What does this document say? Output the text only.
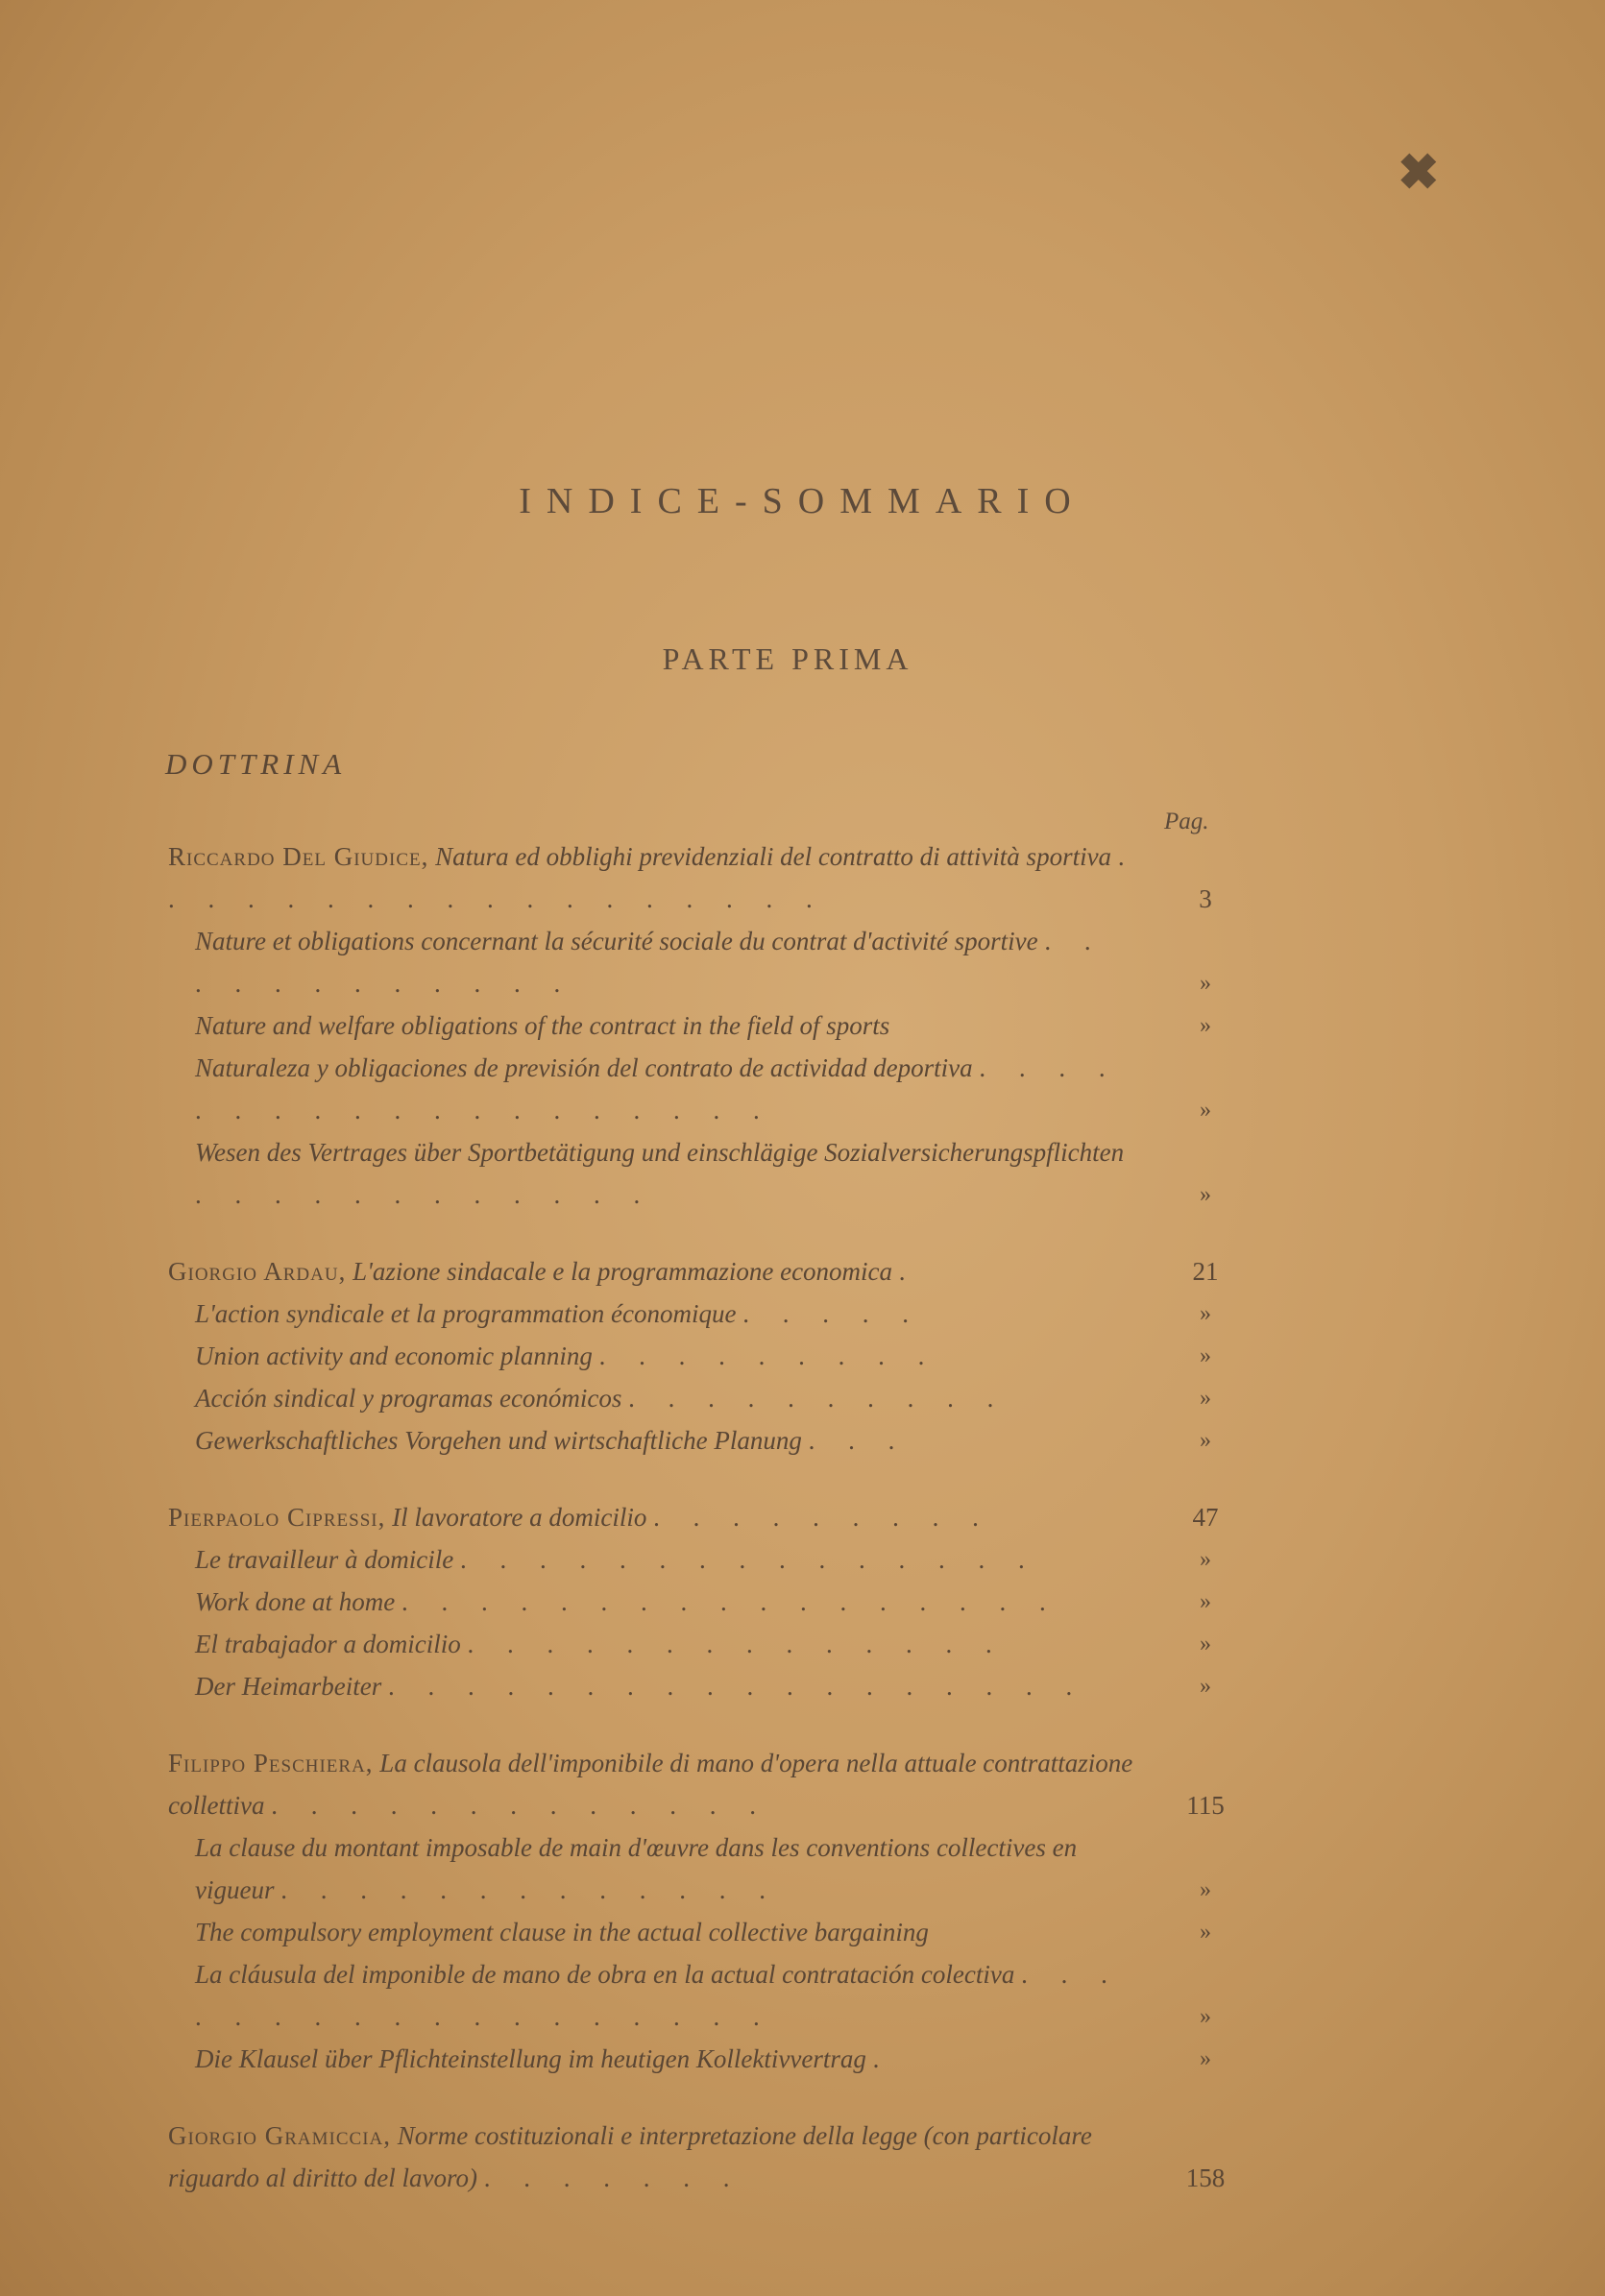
✖
INDICE-SOMMARIO
PARTE PRIMA
DOTTRINA
Pag.
Riccardo Del Giudice, Natura ed obblighi previdenziali del contratto di attività sportiva . . . . . . . . . . . . . . . . . .	3
Nature et obligations concernant la sécurité sociale du contrat d'activité sportive . . . . . . . . . . . .	»
Nature and welfare obligations of the contract in the field of sports	»
Naturaleza y obligaciones de previsión del contrato de actividad deportiva . . . . . . . . . . . . . . . . . . .	»
Wesen des Vertrages über Sportbetätigung und einschlägige Sozialversicherungspflichten . . . . . . . . . . . .	»
Giorgio Ardau, L'azione sindacale e la programmazione economica .	21
L'action syndicale et la programmation économique . . . . .	»
Union activity and economic planning . . . . . . . . .	»
Acción sindical y programas económicos . . . . . . . . . .	»
Gewerkschaftliches Vorgehen und wirtschaftliche Planung . . .	»
Pierpaolo Cipressi, Il lavoratore a domicilio . . . . . . . . .	47
Le travailleur à domicile . . . . . . . . . . . . . . .	»
Work done at home . . . . . . . . . . . . . . . . .	»
El trabajador a domicilio . . . . . . . . . . . . . .	»
Der Heimarbeiter . . . . . . . . . . . . . . . . . .	»
Filippo Peschiera, La clausola dell'imponibile di mano d'opera nella attuale contrattazione collettiva . . . . . . . . . . . . .	115
La clause du montant imposable de main d'œuvre dans les conventions collectives en vigueur . . . . . . . . . . . . .	»
The compulsory employment clause in the actual collective bargaining	»
La cláusula del imponible de mano de obra en la actual contratación colectiva . . . . . . . . . . . . . . . . . .	»
Die Klausel über Pflichteinstellung im heutigen Kollektivvertrag .	»
Giorgio Gramiccia, Norme costituzionali e interpretazione della legge (con particolare riguardo al diritto del lavoro) . . . . . . .	158
